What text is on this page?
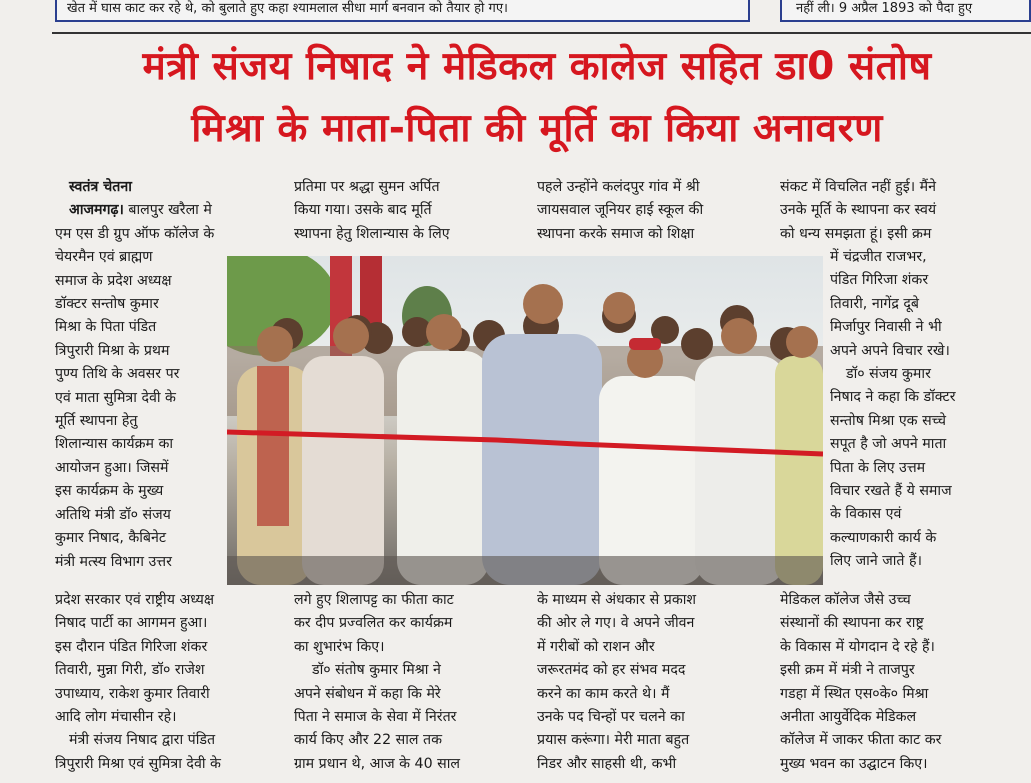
खेत में घास काट कर रहे थे, को बुलाते हुए कहा श्यामलाल सीधा मार्ग बनवान को तैयार हो गए।	नहीं ली। 9 अप्रैल 1893 को पैदा हुए
मंत्री संजय निषाद ने मेडिकल कालेज सहित डा0 संतोष
मिश्रा के माता-पिता की मूर्ति का किया अनावरण
स्वतंत्र चेतना
आजमगढ़। बालपुर खरैला मे

एम एस डी ग्रुप ऑफ कॉलेज के

चेयरमैन एवं ब्राह्मण

समाज के प्रदेश अध्यक्ष

डॉक्टर सन्तोष कुमार

मिश्रा के पिता पंडित

त्रिपुरारी मिश्रा के प्रथम

पुण्य तिथि के अवसर पर

एवं माता सुमित्रा देवी के

मूर्ति स्थापना हेतु

शिलान्यास कार्यक्रम का

आयोजन हुआ। जिसमें

इस कार्यक्रम के मुख्य

अतिथि मंत्री डॉ० संजय

कुमार निषाद, कैबिनेट

मंत्री मत्स्य विभाग उत्तर

प्रदेश सरकार एवं राष्ट्रीय अध्यक्ष

निषाद पार्टी का आगमन हुआ।

इस दौरान पंडित गिरिजा शंकर

तिवारी, मुन्ना गिरी, डॉ० राजेश

उपाध्याय, राकेश कुमार तिवारी

आदि लोग मंचासीन रहे।

मंत्री संजय निषाद द्वारा पंडित

त्रिपुरारी मिश्रा एवं सुमित्रा देवी के

प्रतिमा पर श्रद्धा सुमन अर्पित

किया गया। उसके बाद मूर्ति

स्थापना हेतु शिलान्यास के लिए

लगे हुए शिलापट्ट का फीता काट

कर दीप प्रज्वलित कर कार्यक्रम

का शुभारंभ किए।

डॉ० संतोष कुमार मिश्रा ने

अपने संबोधन में कहा कि मेरे

पिता ने समाज के सेवा में निरंतर

कार्य किए और 22 साल तक

ग्राम प्रधान थे, आज के 40 साल

पहले उन्होंने कलंदपुर गांव में श्री

जायसवाल जूनियर हाई स्कूल की

स्थापना करके समाज को शिक्षा

के माध्यम से अंधकार से प्रकाश

की ओर ले गए। वे अपने जीवन

में गरीबों को राशन और

जरूरतमंद को हर संभव मदद

करने का काम करते थे। मैं

उनके पद चिन्हों पर चलने का

प्रयास करूंगा। मेरी माता बहुत

निडर और साहसी थी, कभी

संकट में विचलित नहीं हुई। मैंने

उनके मूर्ति के स्थापना कर स्वयं

को धन्य समझता हूं। इसी क्रम

में चंद्रजीत राजभर,

पंडित गिरिजा शंकर

तिवारी, नागेंद्र दूबे

मिर्जापुर निवासी ने भी

अपने अपने विचार रखे।

डॉ० संजय कुमार

निषाद ने कहा कि डॉक्टर

सन्तोष मिश्रा एक सच्चे

सपूत है जो अपने माता

पिता के लिए उत्तम

विचार रखते हैं ये समाज

के विकास एवं

कल्याणकारी कार्य के

लिए जाने जाते हैं।

मेडिकल कॉलेज जैसे उच्च

संस्थानों की स्थापना कर राष्ट्र

के विकास में योगदान दे रहे हैं।

इसी क्रम में मंत्री ने ताजपुर

गडहा में स्थित एस०के० मिश्रा

अनीता आयुर्वेदिक मेडिकल

कॉलेज में जाकर फीता काट कर

मुख्य भवन का उद्घाटन किए।
